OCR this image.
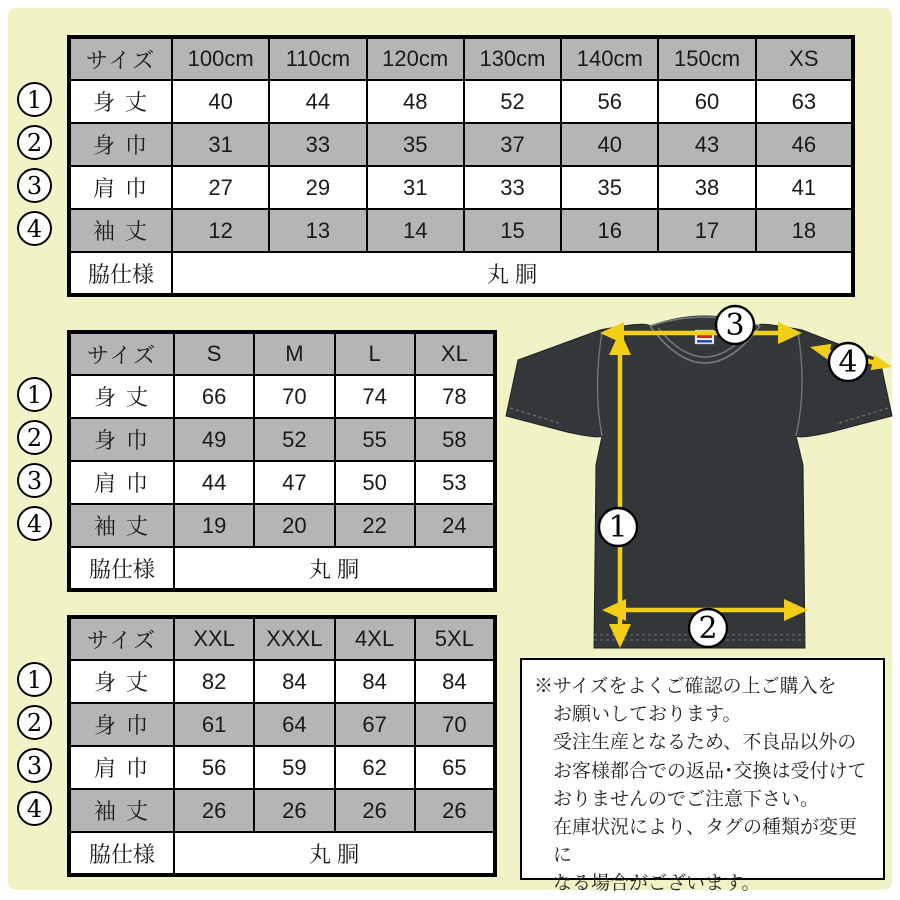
1
2
3
4
1
2
3
4
1
2
3
4
サイズ	100cm	110cm	120cm	130cm	140cm	150cm	XS
身 丈	40	44	48	52	56	60	63
身 巾	31	33	35	37	40	43	46
肩 巾	27	29	31	33	35	38	41
袖 丈	12	13	14	15	16	17	18
脇仕様	丸 胴						
サイズ	S	M	L	XL
身 丈	66	70	74	78
身 巾	49	52	55	58
肩 巾	44	47	50	53
袖 丈	19	20	22	24
脇仕様	丸 胴			
サイズ	XXL	XXXL	4XL	5XL
身 丈	82	84	84	84
身 巾	61	64	67	70
肩 巾	56	59	62	65
袖 丈	26	26	26	26
脇仕様	丸 胴			
1
2
3
4
※サイズをよくご確認の上ご購入を
お願いしております。
受注生産となるため、不良品以外の
お客様都合での返品･交換は受付けて
おりませんのでご注意下さい。
在庫状況により、タグの種類が変更に
なる場合がございます。
